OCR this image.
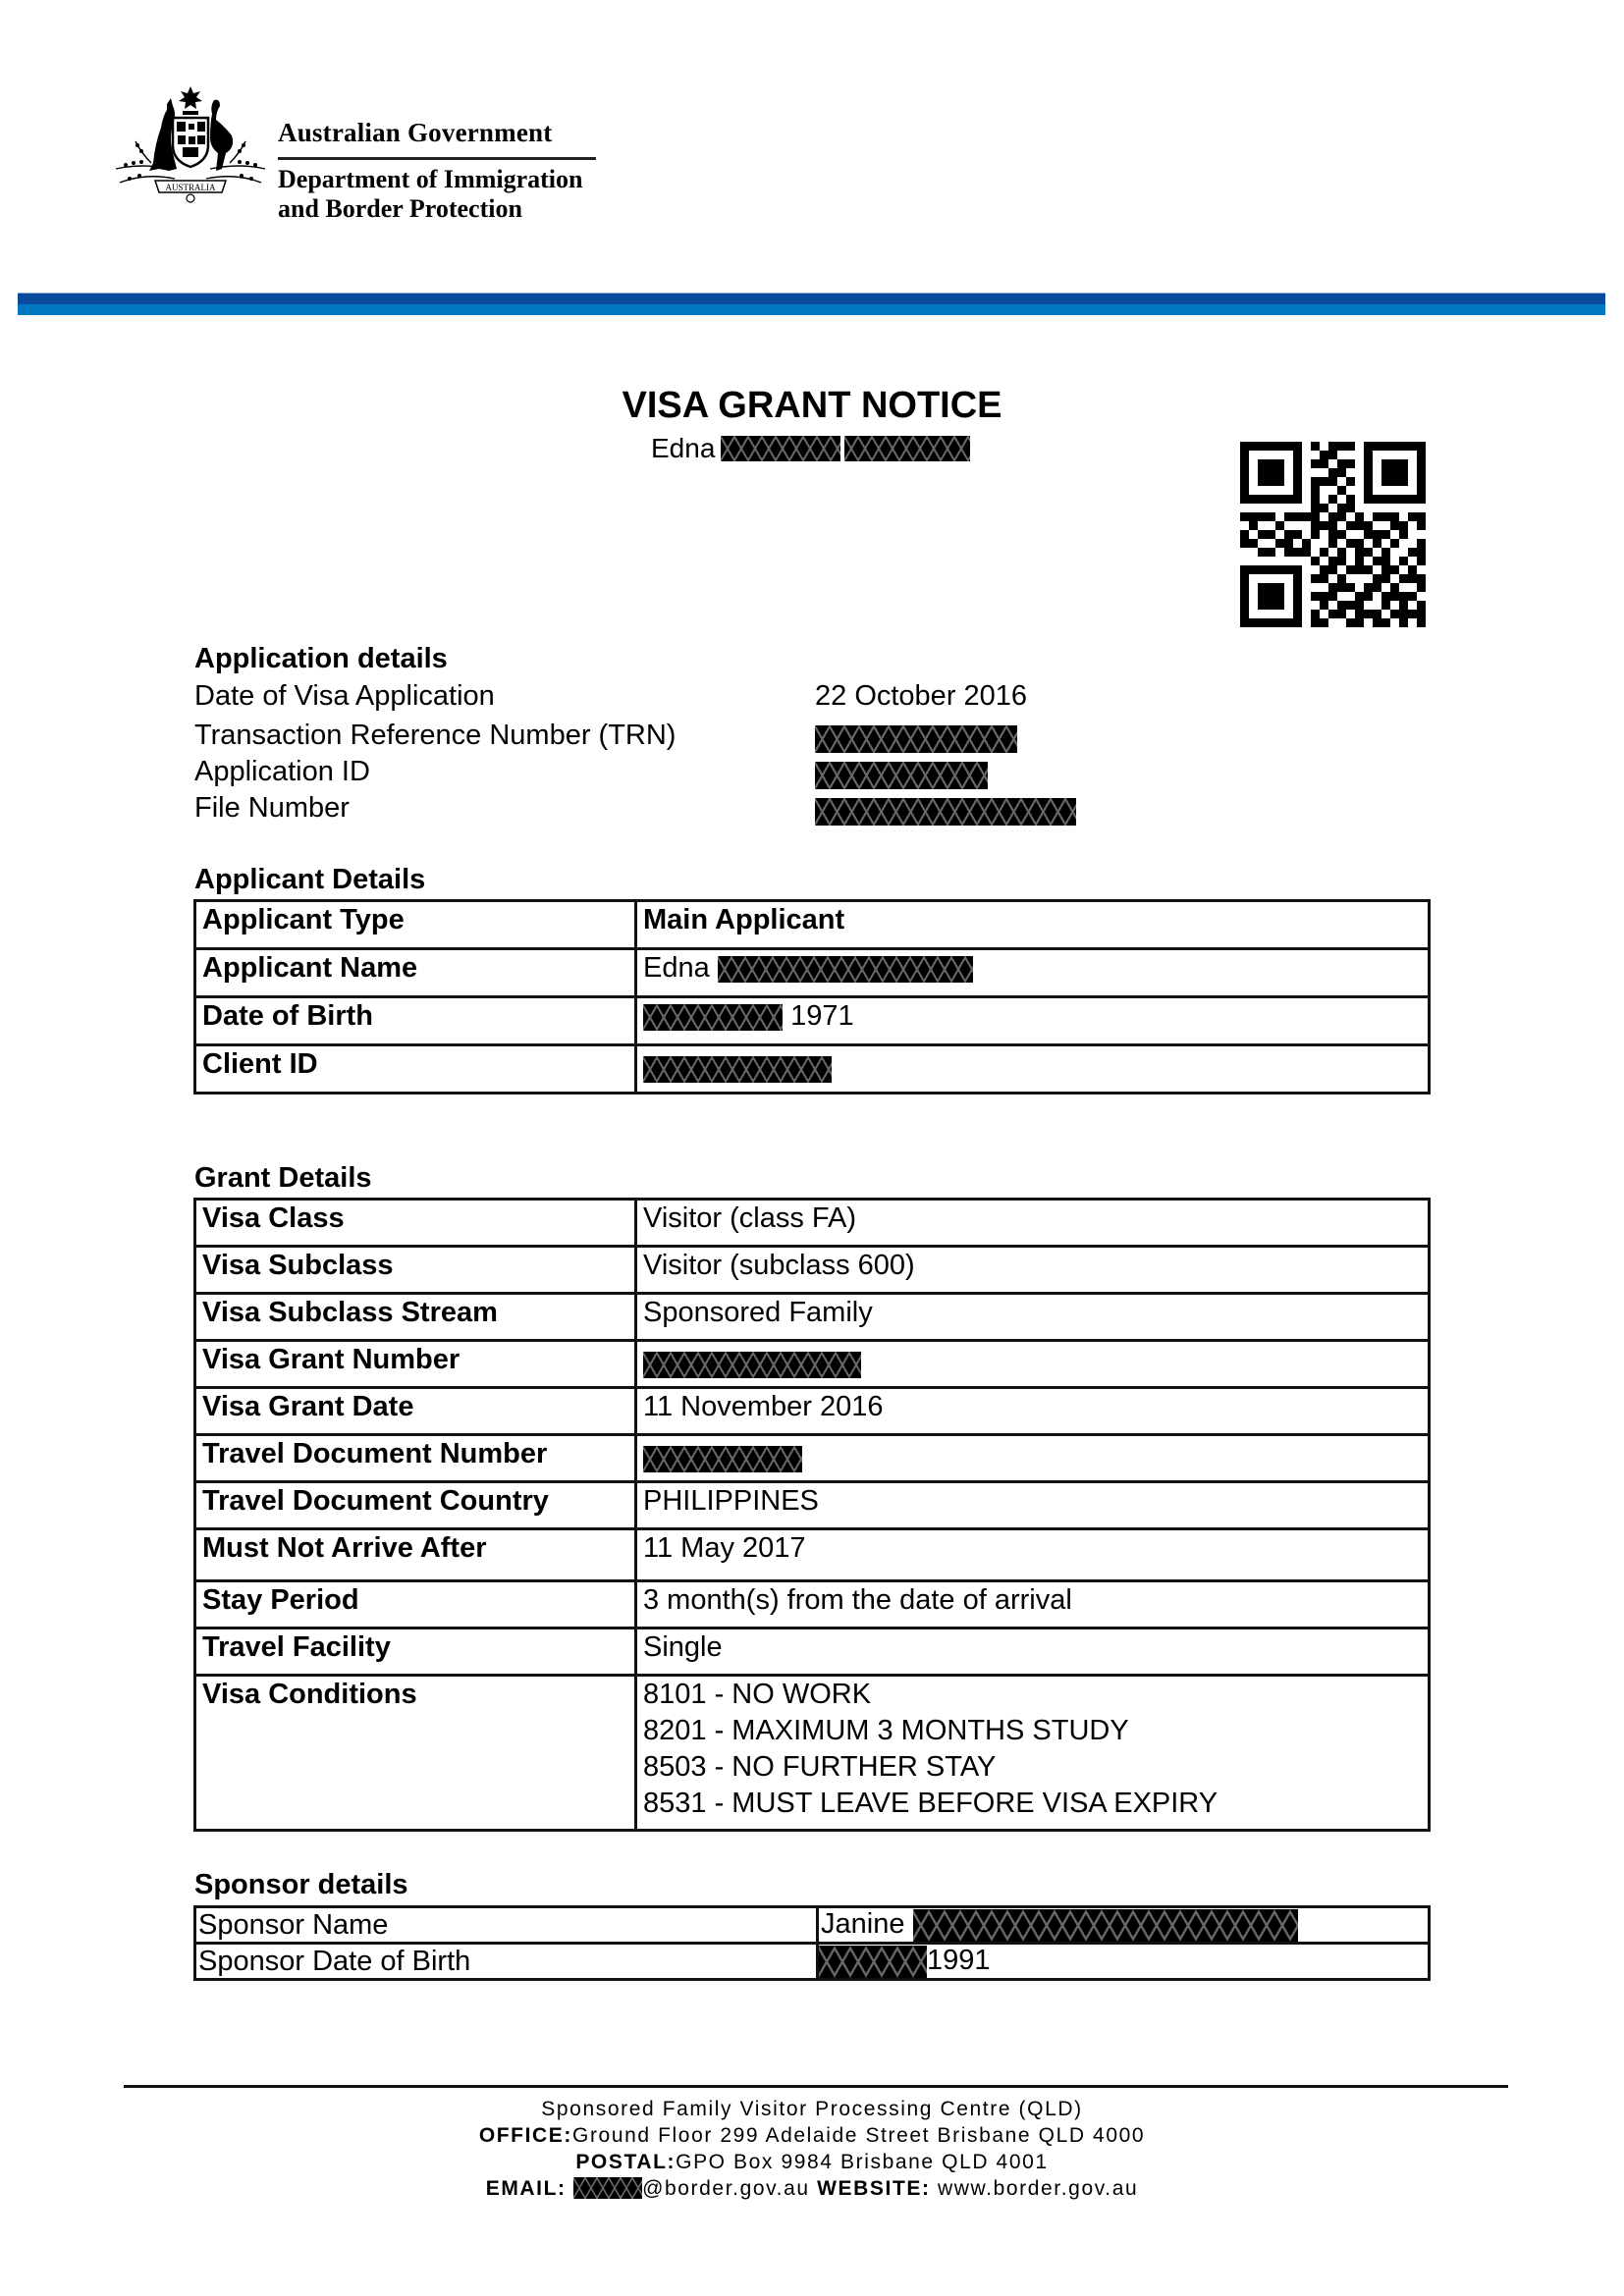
AUSTRALIA
Australian Government
Department of Immigration
and Border Protection
VISA GRANT NOTICE
Edna
Application details
Date of Visa Application	22 October 2016
Transaction Reference Number (TRN)
Application ID
File Number
Applicant Details
Applicant Type	Main Applicant
Applicant Name	Edna
Date of Birth	1971
Client ID	
Grant Details
Visa Class	Visitor (class FA)
Visa Subclass	Visitor (subclass 600)
Visa Subclass Stream	Sponsored Family
Visa Grant Number	
Visa Grant Date	11 November 2016
Travel Document Number	
Travel Document Country	PHILIPPINES
Must Not Arrive After	11 May 2017
Stay Period	3 month(s) from the date of arrival
Travel Facility	Single
Visa Conditions	8101 - NO WORK
8201 - MAXIMUM 3 MONTHS STUDY
8503 - NO FURTHER STAY
8531 - MUST LEAVE BEFORE VISA EXPIRY
Sponsor details
Sponsor Name	Janine
Sponsor Date of Birth	1991
Sponsored Family Visitor Processing Centre (QLD)
OFFICE:Ground Floor 299 Adelaide Street Brisbane QLD 4000
POSTAL:GPO Box 9984 Brisbane QLD 4001
EMAIL:	@border.gov.au WEBSITE: www.border.gov.au
